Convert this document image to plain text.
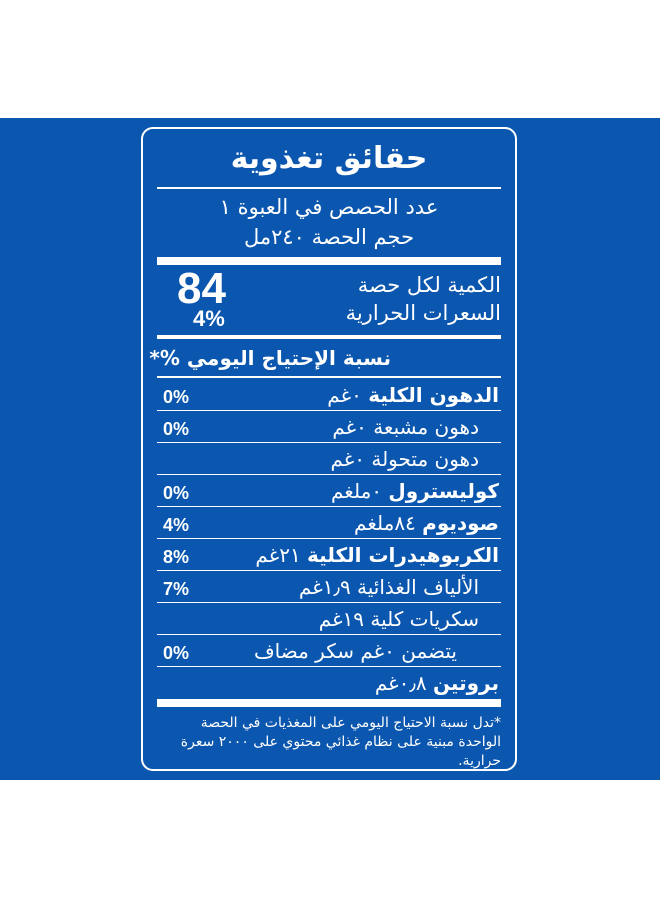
حقائق تغذوية
عدد الحصص في العبوة ١
حجم الحصة ٢٤٠مل
الكمية لكل حصة
السعرات الحرارية
84
4%
نسبة الإحتياج اليومي %*
الدهون الكلية ٠غم
0%
دهون مشبعة ٠غم
0%
دهون متحولة ٠غم
كوليسترول ٠ملغم
0%
صوديوم ٨٤ملغم
4%
الكربوهيدرات الكلية ٢١غم
8%
الألياف الغذائية ١٫٩غم
7%
سكريات كلية ١٩غم
يتضمن ٠غم سكر مضاف
0%
بروتين ٠٫٨غم
*تدل نسبة الاحتياج اليومي على المغذيات في الحصة الواحدة مبنية على نظام غذائي محتوي على ٢٠٠٠ سعرة حرارية.
